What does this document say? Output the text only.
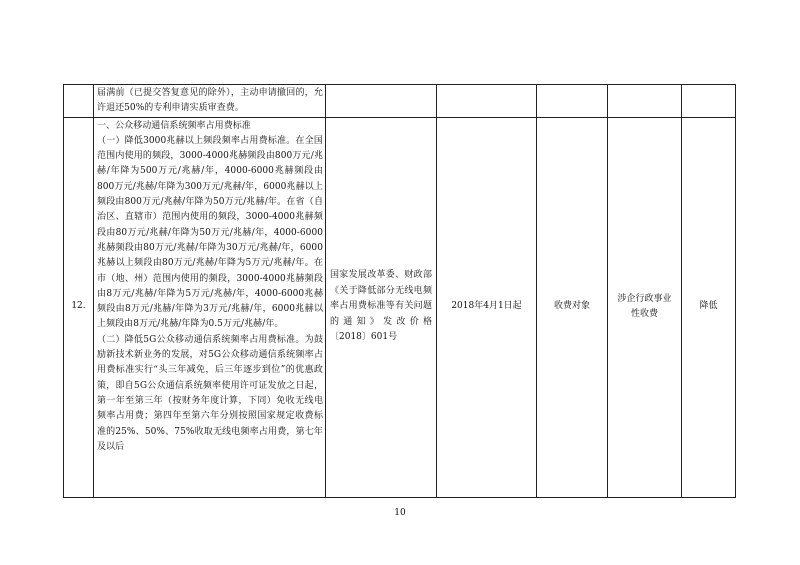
	届满前（已提交答复意见的除外），主动申请撤回的，允许退还50%的专利申请实质审查费。					
12.	一、公众移动通信系统频率占用费标准
（一）降低3000兆赫以上频段频率占用费标准。在全国范围内使用的频段，3000-4000兆赫频段由800万元/兆赫/年降为500万元/兆赫/年，4000-6000兆赫频段由800万元/兆赫/年降为300万元/兆赫/年，6000兆赫以上频段由800万元/兆赫/年降为50万元/兆赫/年。在省（自治区、直辖市）范围内使用的频段，3000-4000兆赫频段由80万元/兆赫/年降为50万元/兆赫/年，4000-6000兆赫频段由80万元/兆赫/年降为30万元/兆赫/年，6000兆赫以上频段由80万元/兆赫/年降为5万元/兆赫/年。在市（地、州）范围内使用的频段，3000-4000兆赫频段由8万元/兆赫/年降为5万元/兆赫/年，4000-6000兆赫频段由8万元/兆赫/年降为3万元/兆赫/年，6000兆赫以上频段由8万元/兆赫/年降为0.5万元/兆赫/年。
（二）降低5G公众移动通信系统频率占用费标准。为鼓励新技术新业务的发展，对5G公众移动通信系统频率占用费标准实行“头三年减免，后三年逐步到位”的优惠政策，即自5G公众通信系统频率使用许可证发放之日起，第一年至第三年（按财务年度计算，下同）免收无线电频率占用费；第四年至第六年分别按照国家规定收费标准的25%、50%、75%收取无线电频率占用费，第七年及以后	国家发展改革委、财政部《关于降低部分无线电频率占用费标准等有关问题的通知》发改价格〔2018〕601号	2018年4月1日起	收费对象	涉企行政事业性收费	降低
10
